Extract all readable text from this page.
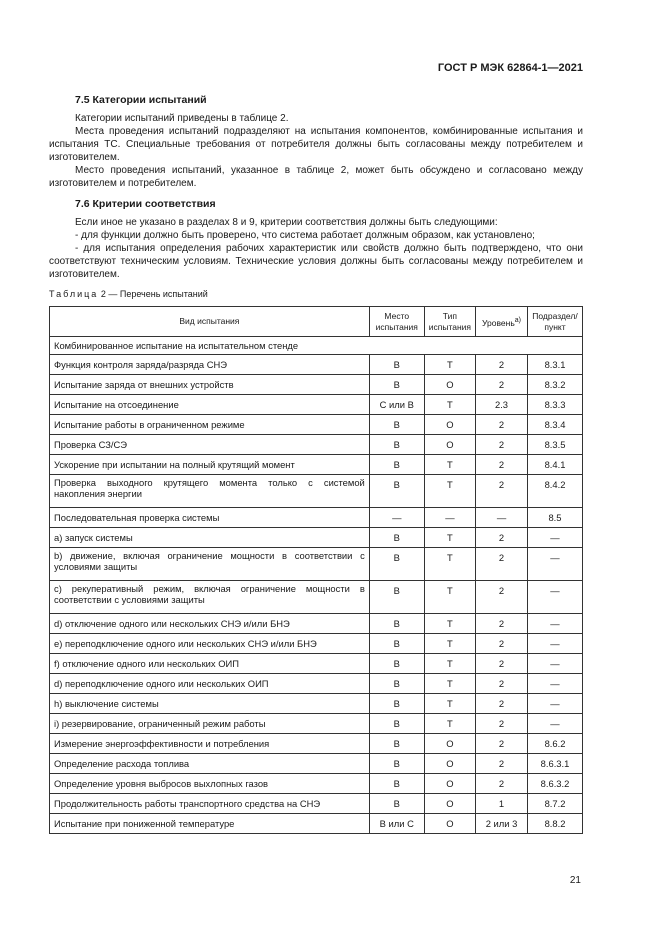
ГОСТ Р МЭК 62864-1—2021
7.5 Категории испытаний

Категории испытаний приведены в таблице 2.

Места проведения испытаний подразделяют на испытания компонентов, комбинированные испытания и испытания ТС. Специальные требования от потребителя должны быть согласованы между потребителем и изготовителем.

Место проведения испытаний, указанное в таблице 2, может быть обсуждено и согласовано между изготовителем и потребителем.

7.6 Критерии соответствия

Если иное не указано в разделах 8 и 9, критерии соответствия должны быть следующими:

- для функции должно быть проверено, что система работает должным образом, как установлено;

- для испытания определения рабочих характеристик или свойств должно быть подтверждено, что они соответствуют техническим условиям. Технические условия должны быть согласованы между потребителем и изготовителем.

Таблица 2 — Перечень испытаний
Вид испытания	Место испытания	Тип испытания	Уровень$^{а)}$	Подраздел/пункт
Комбинированное испытание на испытательном стенде				
Функция контроля заряда/разряда СНЭ	В	Т	2	8.3.1
Испытание заряда от внешних устройств	В	О	2	8.3.2
Испытание на отсоединение	С или В	Т	2.3	8.3.3
Испытание работы в ограниченном режиме	В	О	2	8.3.4
Проверка СЗ/СЭ	В	О	2	8.3.5
Ускорение при испытании на полный крутящий момент	В	Т	2	8.4.1
Проверка выходного крутящего момента только с системой накопления энергии	В	Т	2	8.4.2
Последовательная проверка системы	—	—	—	8.5
а) запуск системы	В	Т	2	—
b) движение, включая ограничение мощности в соответствии с условиями защиты	В	Т	2	—
с) рекуперативный режим, включая ограничение мощности в соответствии с условиями защиты	В	Т	2	—
d) отключение одного или нескольких СНЭ и/или БНЭ	В	Т	2	—
е) переподключение одного или нескольких СНЭ и/или БНЭ	В	Т	2	—
f) отключение одного или нескольких ОИП	В	Т	2	—
d) переподключение одного или нескольких ОИП	В	Т	2	—
h) выключение системы	В	Т	2	—
i) резервирование, ограниченный режим работы	В	Т	2	—
Измерение энергоэффективности и потребления	В	О	2	8.6.2
Определение расхода топлива	В	О	2	8.6.3.1
Определение уровня выбросов выхлопных газов	В	О	2	8.6.3.2
Продолжительность работы транспортного средства на СНЭ	В	О	1	8.7.2
Испытание при пониженной температуре	В или С	О	2 или 3	8.8.2
21
